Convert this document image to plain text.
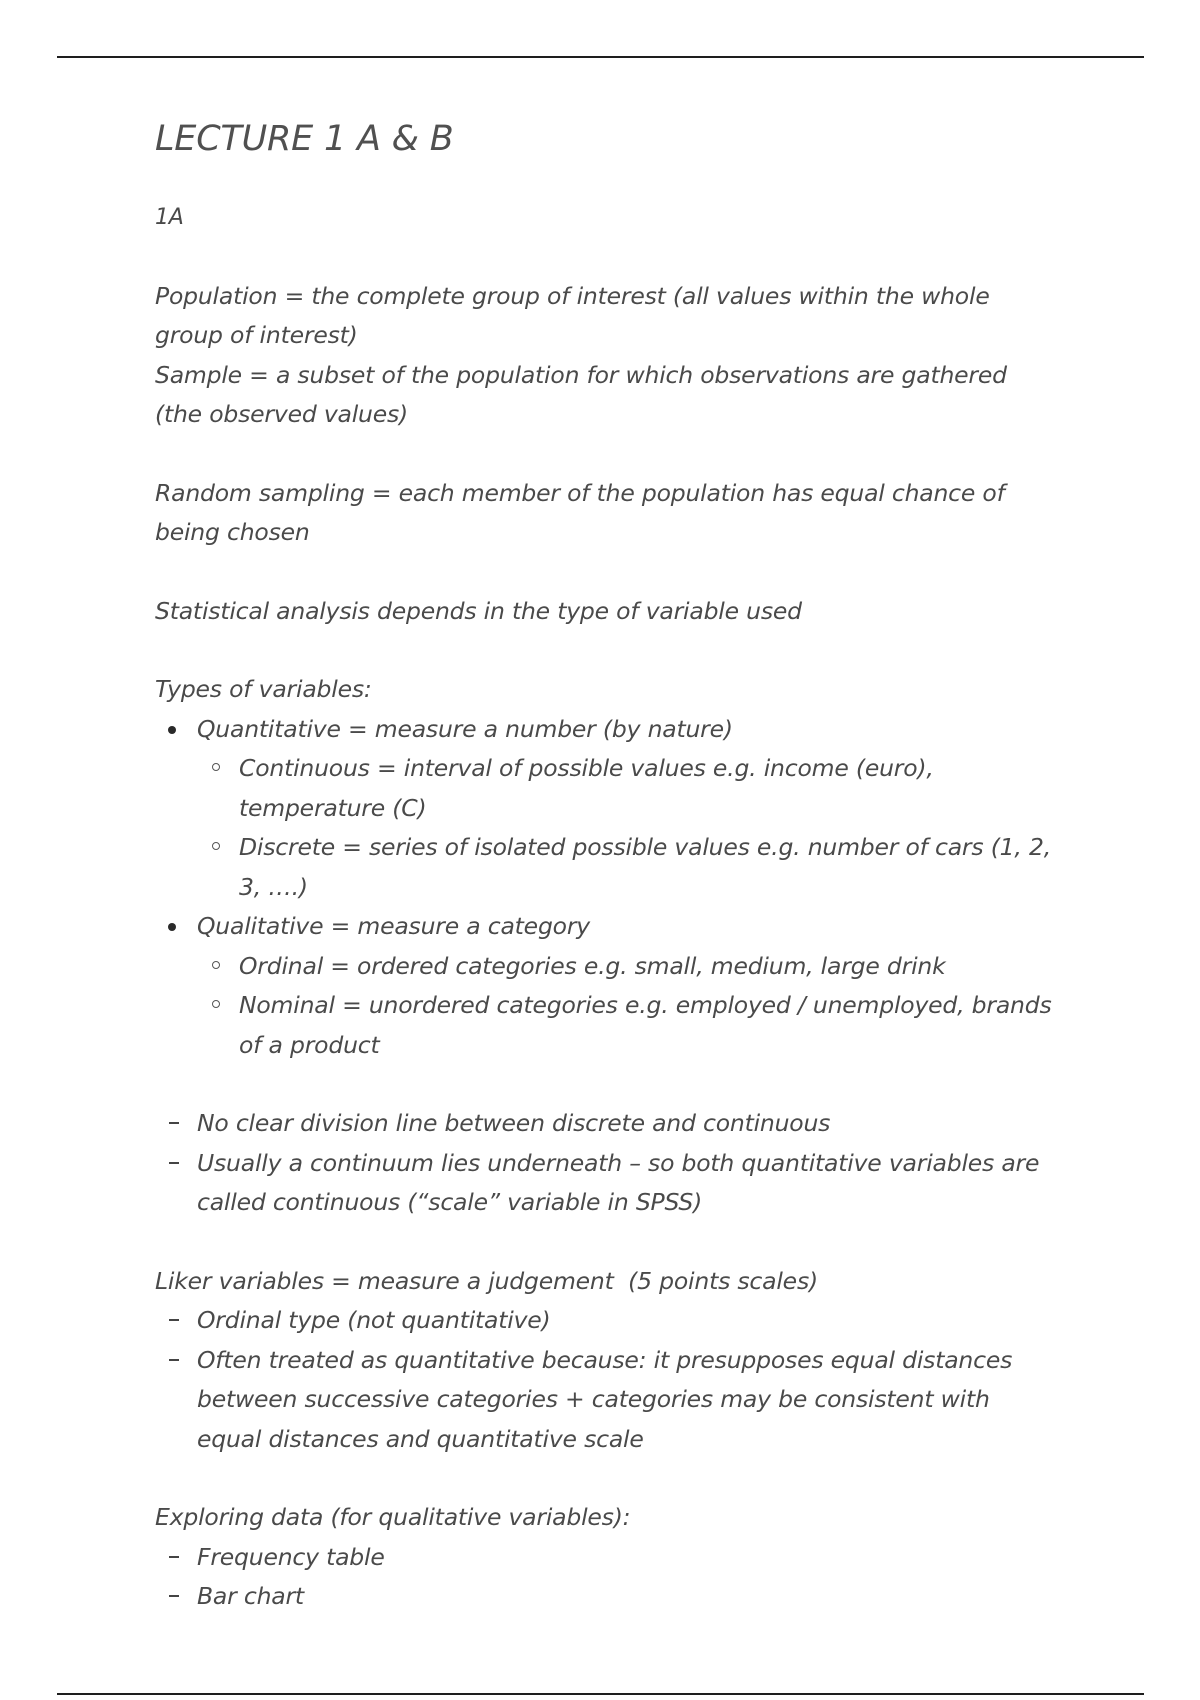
LECTURE 1 A & B

1A

Population = the complete group of interest (all values within the whole group of interest)

Sample = a subset of the population for which observations are gathered (the observed values)

Random sampling = each member of the population has equal chance of being chosen

Statistical analysis depends in the type of variable used

Types of variables:

Quantitative = measure a number (by nature)
Continuous = interval of possible values e.g. income (euro), temperature (C)
Discrete = series of isolated possible values e.g. number of cars (1, 2, 3, ….)
Qualitative = measure a category
Ordinal = ordered categories e.g. small, medium, large drink
Nominal = unordered categories e.g. employed / unemployed, brands of a product
No clear division line between discrete and continuous
Usually a continuum lies underneath – so both quantitative variables are called continuous (“scale” variable in SPSS)

Liker variables = measure a judgement  (5 points scales)

Ordinal type (not quantitative)
Often treated as quantitative because: it presupposes equal distances between successive categories + categories may be consistent with equal distances and quantitative scale

Exploring data (for qualitative variables):

Frequency table
Bar chart
